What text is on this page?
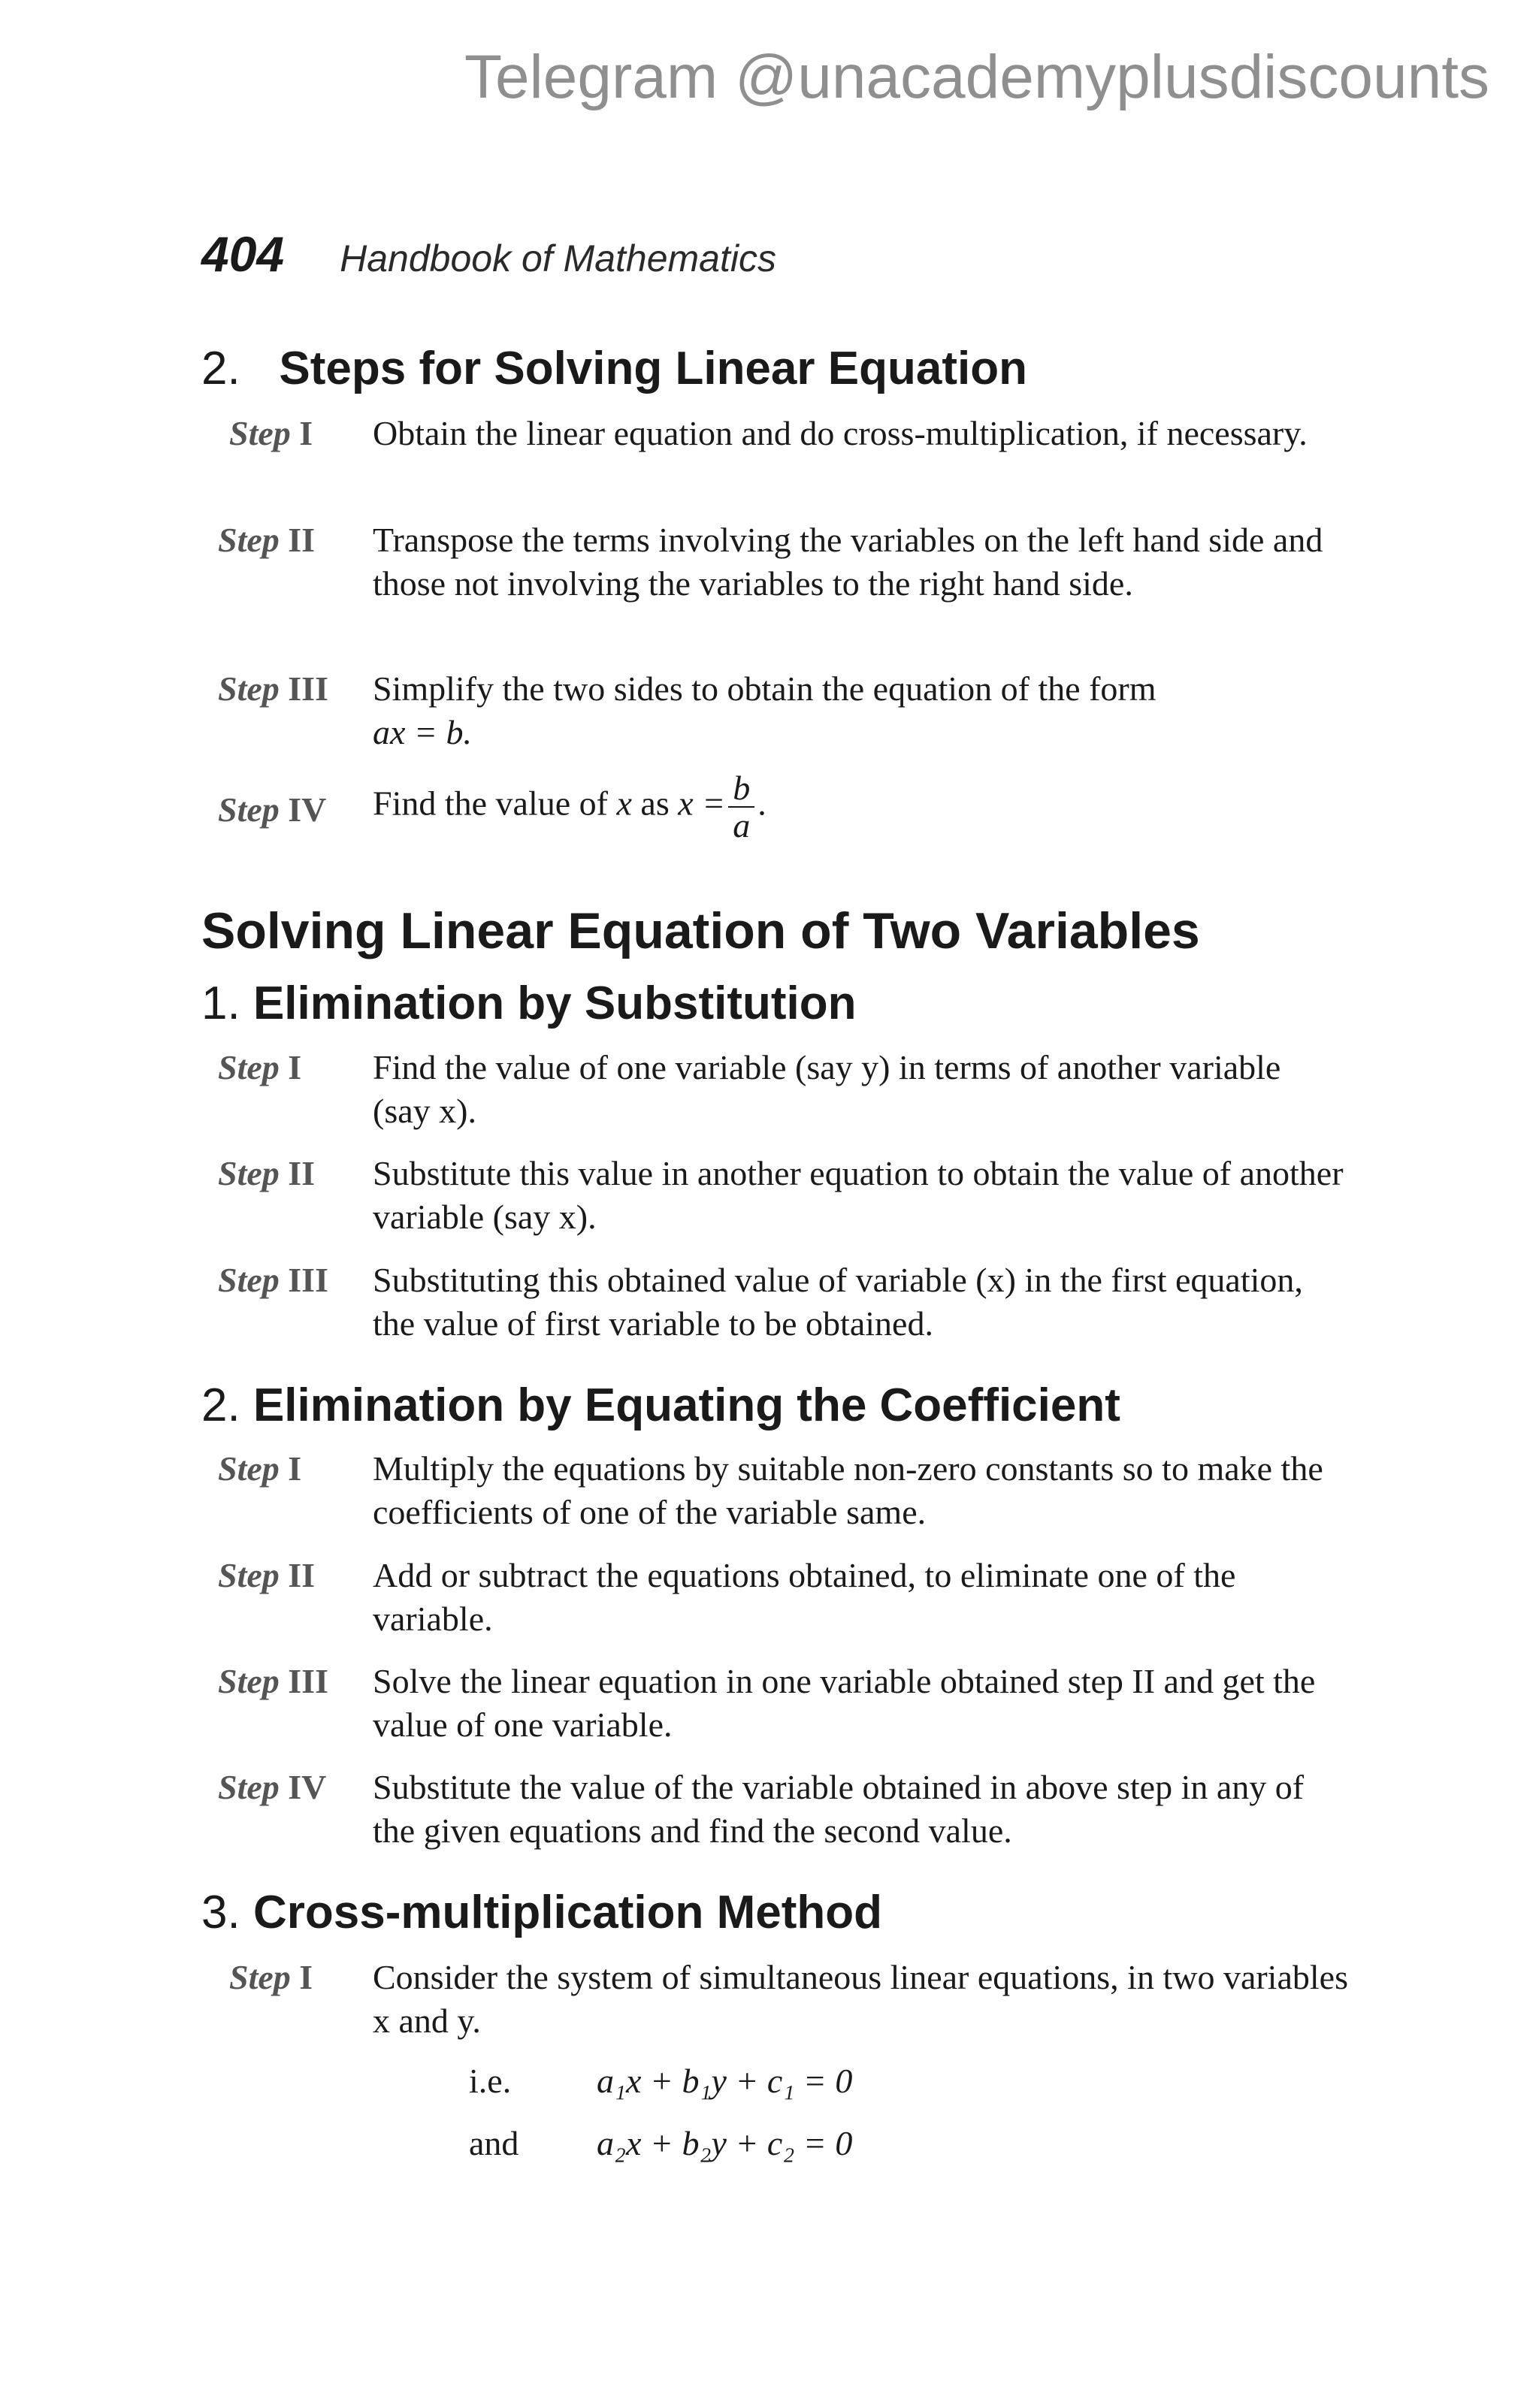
Telegram @unacademyplusdiscounts
404 Handbook of Mathematics
2. Steps for Solving Linear Equation
Step I Obtain the linear equation and do cross-multiplication, if necessary.
Step II Transpose the terms involving the variables on the left hand side and those not involving the variables to the right hand side.
Step III Simplify the two sides to obtain the equation of the form
ax = b.
Step IV Find the value of x as $x = \frac{b}{a}$ .
Solving Linear Equation of Two Variables
1. Elimination by Substitution
Step I Find the value of one variable (say y) in terms of another variable (say x).
Step II Substitute this value in another equation to obtain the value of another variable (say x).
Step III Substituting this obtained value of variable (x) in the first equation, the value of first variable to be obtained.
2. Elimination by Equating the Coefficient
Step I Multiply the equations by suitable non-zero constants so to make the coefficients of one of the variable same.
Step II Add or subtract the equations obtained, to eliminate one of the variable.
Step III Solve the linear equation in one variable obtained step II and get the value of one variable.
Step IV Substitute the value of the variable obtained in above step in any of the given equations and find the second value.
3. Cross-multiplication Method
Step I Consider the system of simultaneous linear equations, in two variables x and y.
i.e. a₁x + b₁y + c₁ = 0
and a₂x + b₂y + c₂ = 0
